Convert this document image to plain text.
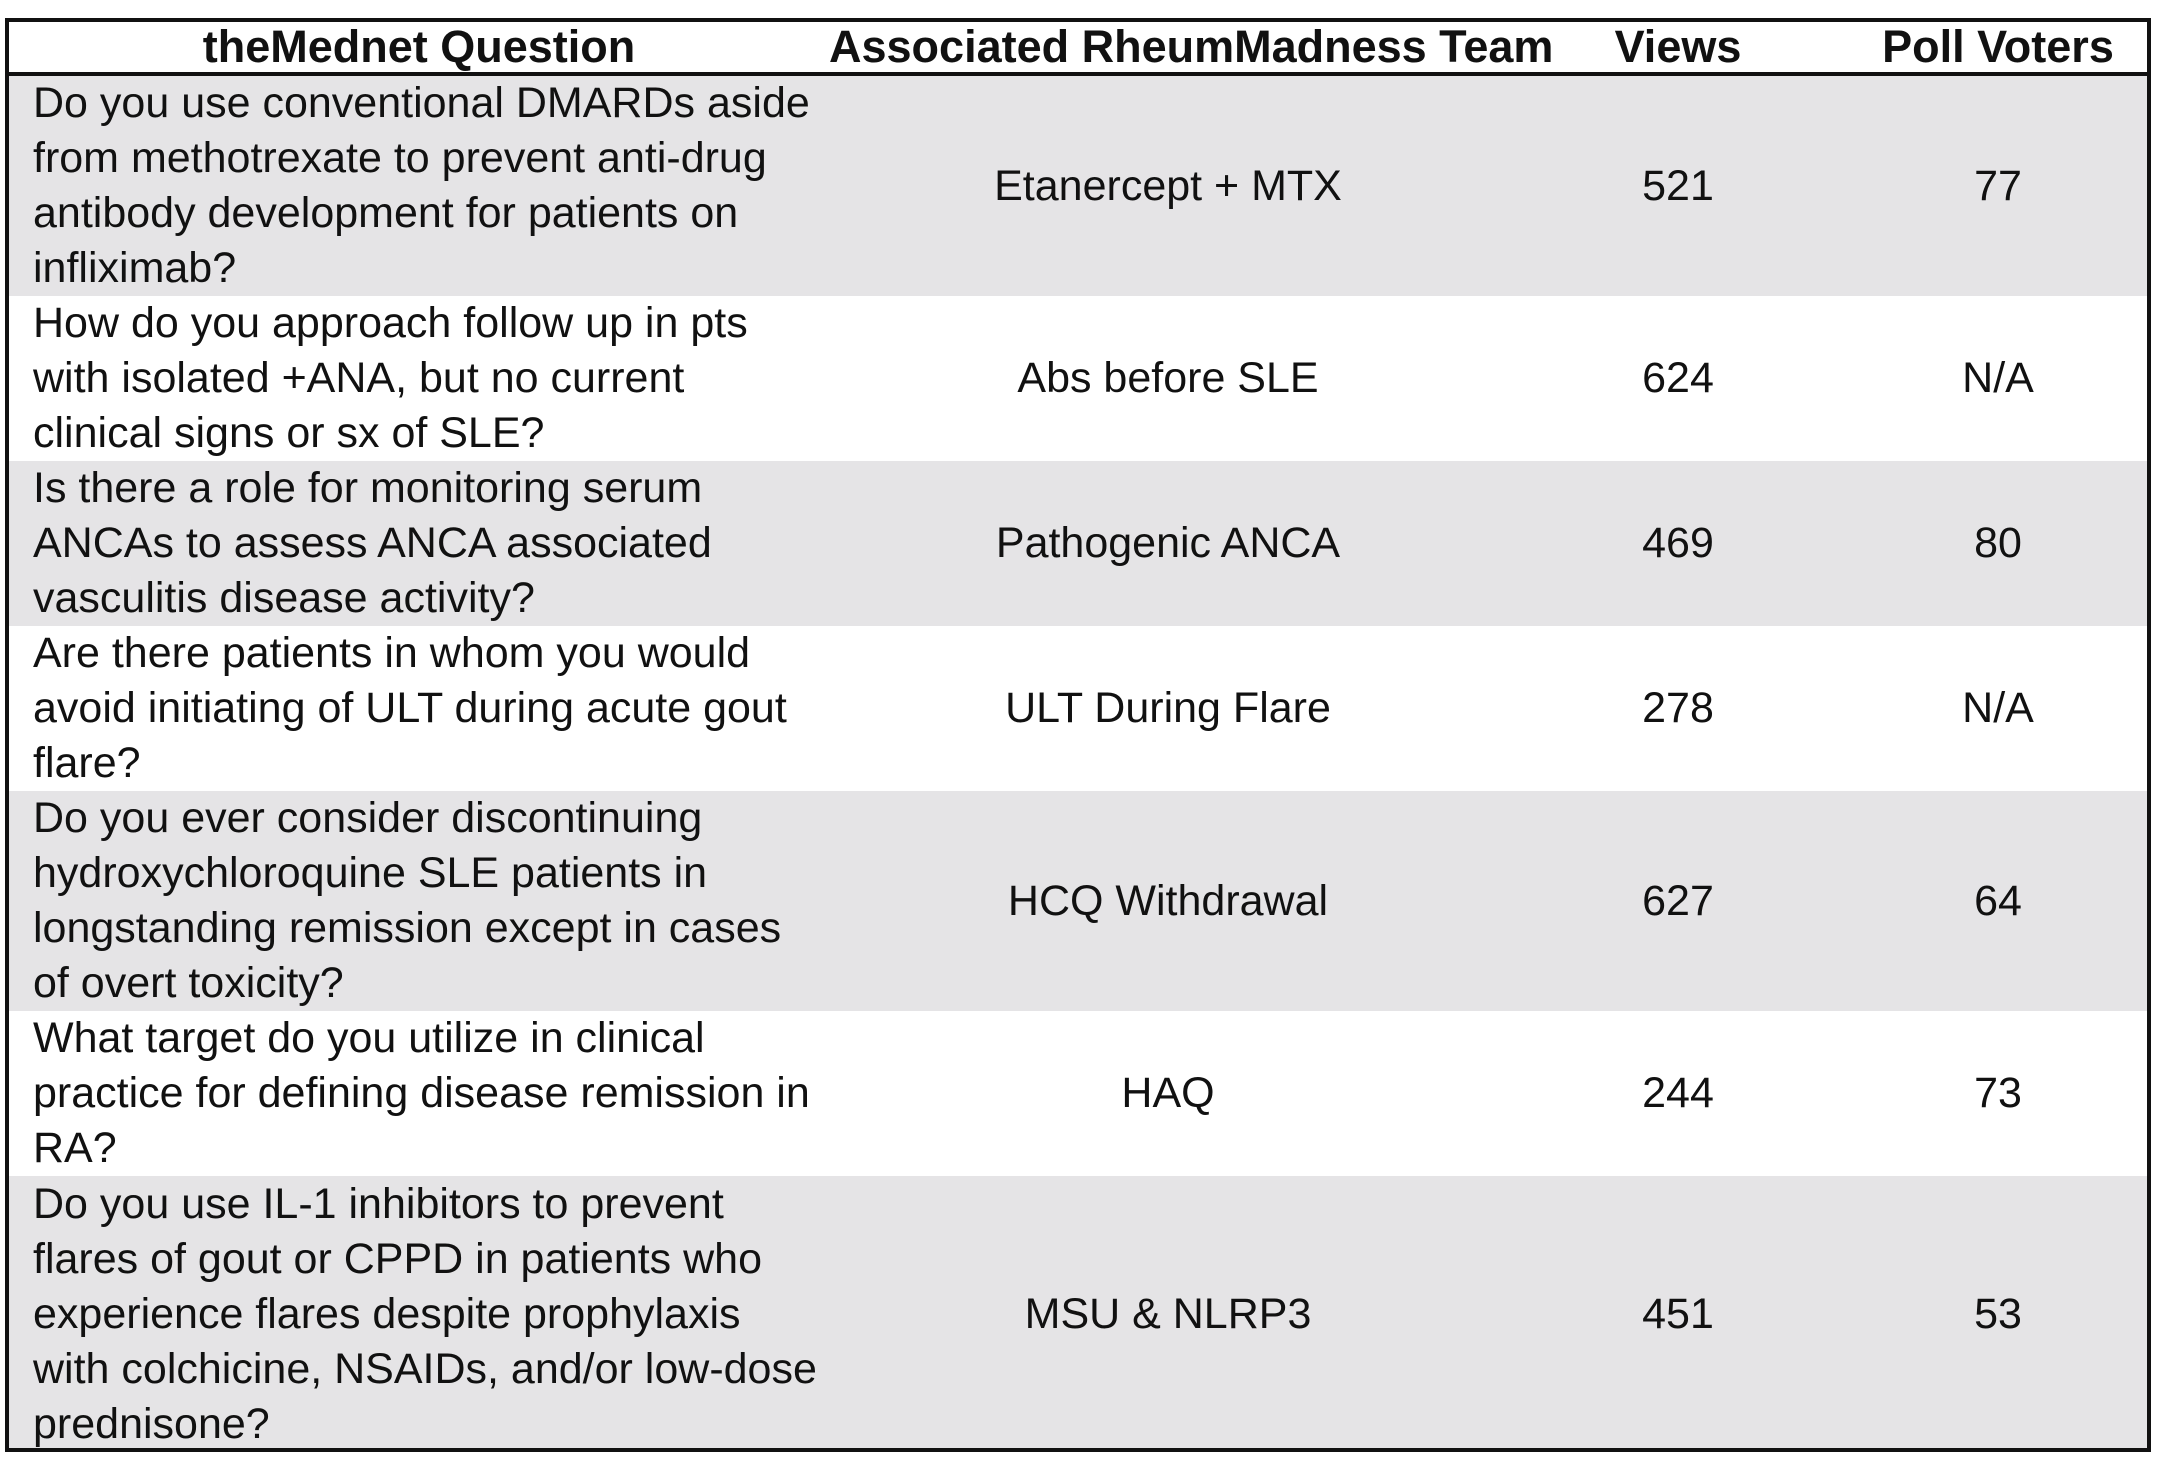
theMednet Question	Associated RheumMadness Team	Views	Poll Voters
Do you use conventional DMARDs aside from methotrexate to prevent anti-drug antibody development for patients on infliximab?	Etanercept + MTX	521	77
How do you approach follow up in pts with isolated +ANA, but no current clinical signs or sx of SLE?	Abs before SLE	624	N/A
Is there a role for monitoring serum ANCAs to assess ANCA associated vasculitis disease activity?	Pathogenic ANCA	469	80
Are there patients in whom you would avoid initiating of ULT during acute gout flare?	ULT During Flare	278	N/A
Do you ever consider discontinuing hydroxychloroquine SLE patients in longstanding remission except in cases of overt toxicity?	HCQ Withdrawal	627	64
What target do you utilize in clinical practice for defining disease remission in RA?	HAQ	244	73
Do you use IL-1 inhibitors to prevent flares of gout or CPPD in patients who experience flares despite prophylaxis with colchicine, NSAIDs, and/or low-dose prednisone?	MSU & NLRP3	451	53
